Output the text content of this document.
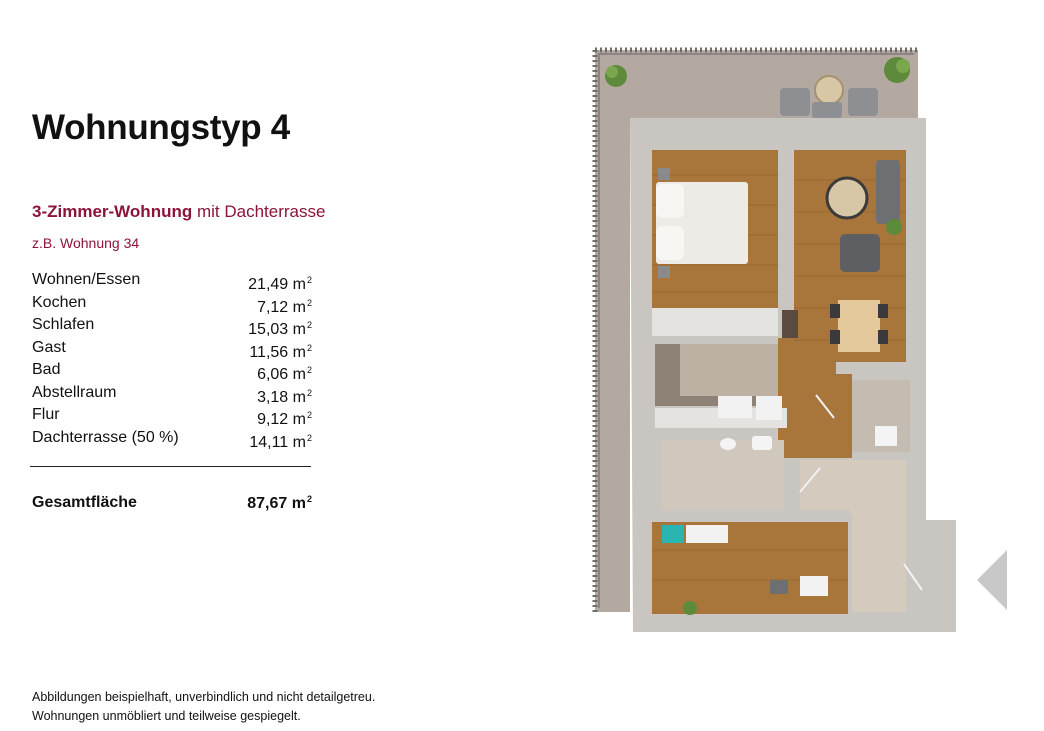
Wohnungstyp 4
3-Zimmer-Wohnung mit Dachterrasse
z.B. Wohnung 34
Wohnen/Essen	21,49 $m^2$
Kochen	7,12 $m^2$
Schlafen	15,03 $m^2$
Gast	11,56 $m^2$
Bad	6,06 $m^2$
Abstellraum	3,18 $m^2$
Flur	9,12 $m^2$
Dachterrasse (50 %)	14,11 $m^2$
Gesamtfläche	87,67 $m^2$
Abbildungen beispielhaft, unverbindlich und nicht detailgetreu.
Wohnungen unmöbliert und teilweise gespiegelt.
